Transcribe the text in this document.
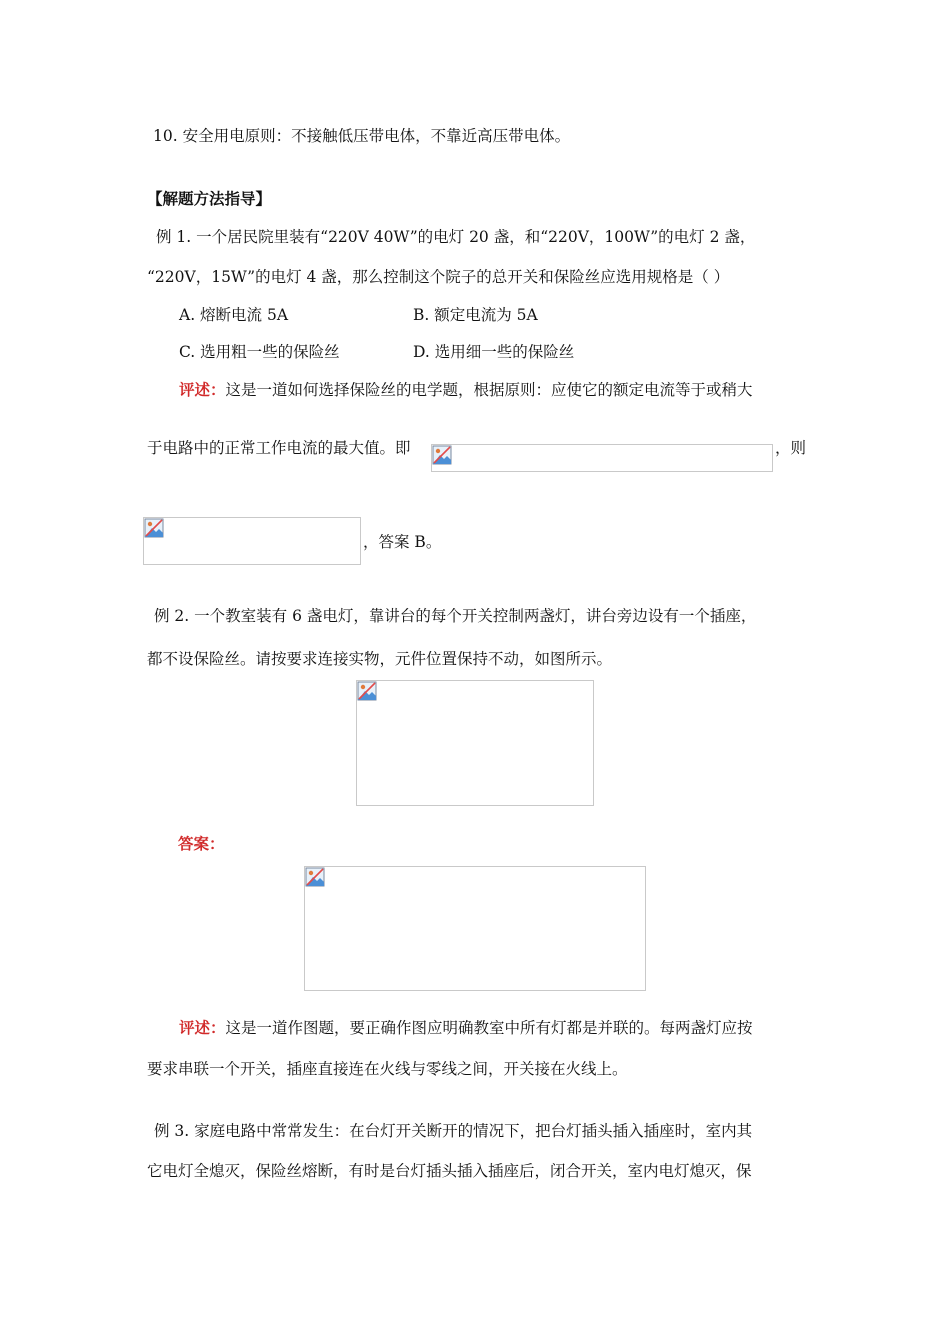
10. 安全用电原则：不接触低压带电体，不靠近高压带电体。
【解题方法指导】
例 1. 一个居民院里装有“220V 40W”的电灯 20 盏，和“220V，100W”的电灯 2 盏，
“220V，15W”的电灯 4 盏，那么控制这个院子的总开关和保险丝应选用规格是（ ）
A. 熔断电流 5A	B. 额定电流为 5A
C. 选用粗一些的保险丝	D. 选用细一些的保险丝
评述：这是一道如何选择保险丝的电学题，根据原则：应使它的额定电流等于或稍大
于电路中的正常工作电流的最大值。即	，则
，答案 B。
例 2. 一个教室装有 6 盏电灯，靠讲台的每个开关控制两盏灯，讲台旁边设有一个插座，
都不设保险丝。请按要求连接实物，元件位置保持不动，如图所示。
答案：
评述：这是一道作图题，要正确作图应明确教室中所有灯都是并联的。每两盏灯应按
要求串联一个开关，插座直接连在火线与零线之间，开关接在火线上。
例 3. 家庭电路中常常发生：在台灯开关断开的情况下，把台灯插头插入插座时，室内其
它电灯全熄灭，保险丝熔断，有时是台灯插头插入插座后，闭合开关，室内电灯熄灭，保
